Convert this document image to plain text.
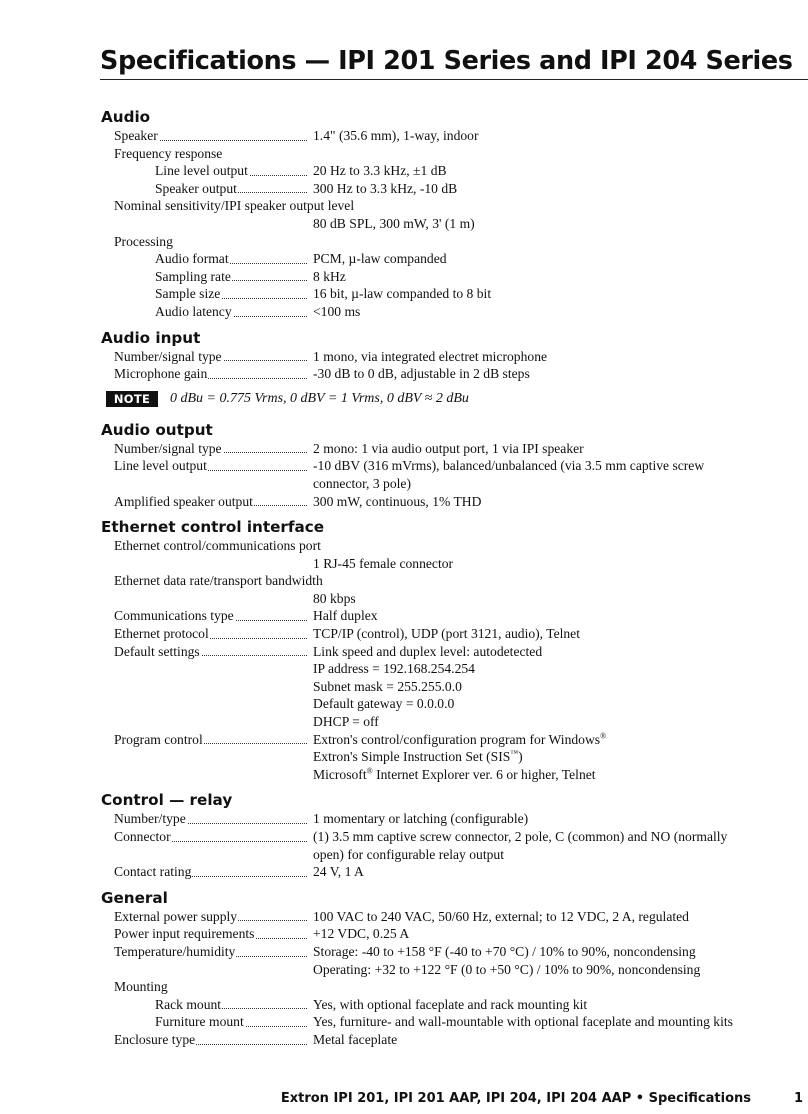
Specifications — IPI 201 Series and IPI 204 Series
Audio
Speaker	1.4" (35.6 mm), 1-way, indoor
Frequency response
Line level output	20 Hz to 3.3 kHz, ±1 dB
Speaker output	300 Hz to 3.3 kHz, -10 dB
Nominal sensitivity/IPI speaker output level
80 dB SPL, 300 mW, 3' (1 m)
Processing
Audio format	PCM, µ-law companded
Sampling rate	8 kHz
Sample size	16 bit, µ-law companded to 8 bit
Audio latency	<100 ms
Audio input
Number/signal type	1 mono, via integrated electret microphone
Microphone gain	-30 dB to 0 dB, adjustable in 2 dB steps
NOTE	0 dBu = 0.775 Vrms, 0 dBV = 1 Vrms, 0 dBV ≈ 2 dBu
Audio output
Number/signal type	2 mono: 1 via audio output port, 1 via IPI speaker
Line level output	-10 dBV (316 mVrms), balanced/unbalanced (via 3.5 mm captive screw
connector, 3 pole)
Amplified speaker output	300 mW, continuous, 1% THD
Ethernet control interface
Ethernet control/communications port
1 RJ-45 female connector
Ethernet data rate/transport bandwidth
80 kbps
Communications type	Half duplex
Ethernet protocol	TCP/IP (control), UDP (port 3121, audio), Telnet
Default settings	Link speed and duplex level: autodetected
IP address = 192.168.254.254
Subnet mask = 255.255.0.0
Default gateway = 0.0.0.0
DHCP = off
Program control	Extron's control/configuration program for Windows®
Extron's Simple Instruction Set (SIS™)
Microsoft® Internet Explorer ver. 6 or higher, Telnet
Control — relay
Number/type	1 momentary or latching (configurable)
Connector	(1) 3.5 mm captive screw connector, 2 pole, C (common) and NO (normally
open) for configurable relay output
Contact rating	24 V, 1 A
General
External power supply	100 VAC to 240 VAC, 50/60 Hz, external; to 12 VDC, 2 A, regulated
Power input requirements	+12 VDC, 0.25 A
Temperature/humidity	Storage: -40 to +158 °F (-40 to +70 °C) / 10% to 90%, noncondensing
Operating: +32 to +122 °F (0 to +50 °C) / 10% to 90%, noncondensing
Mounting
Rack mount	Yes, with optional faceplate and rack mounting kit
Furniture mount	Yes, furniture- and wall-mountable with optional faceplate and mounting kits
Enclosure type	Metal faceplate
Extron IPI 201, IPI 201 AAP, IPI 204, IPI 204 AAP • Specifications	1
